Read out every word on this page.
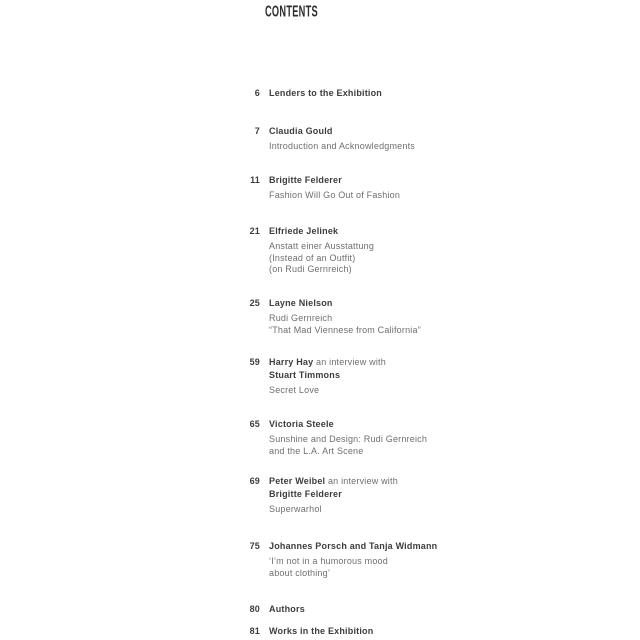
CONTENTS
6 Lenders to the Exhibition
7 Claudia Gould
Introduction and Acknowledgments
11 Brigitte Felderer
Fashion Will Go Out of Fashion
21 Elfriede Jelinek
Anstatt einer Ausstattung
(Instead of an Outfit)
(on Rudi Gernreich)
25 Layne Nielson
Rudi Gernreich
“That Mad Viennese from California”
59 Harry Hay an interview with
Stuart Timmons
Secret Love
65 Victoria Steele
Sunshine and Design: Rudi Gernreich
and the L.A. Art Scene
69 Peter Weibel an interview with
Brigitte Felderer
Superwarhol
75 Johannes Porsch and Tanja Widmann
‘I’m not in a humorous mood
about clothing’
80 Authors
81 Works in the Exhibition
